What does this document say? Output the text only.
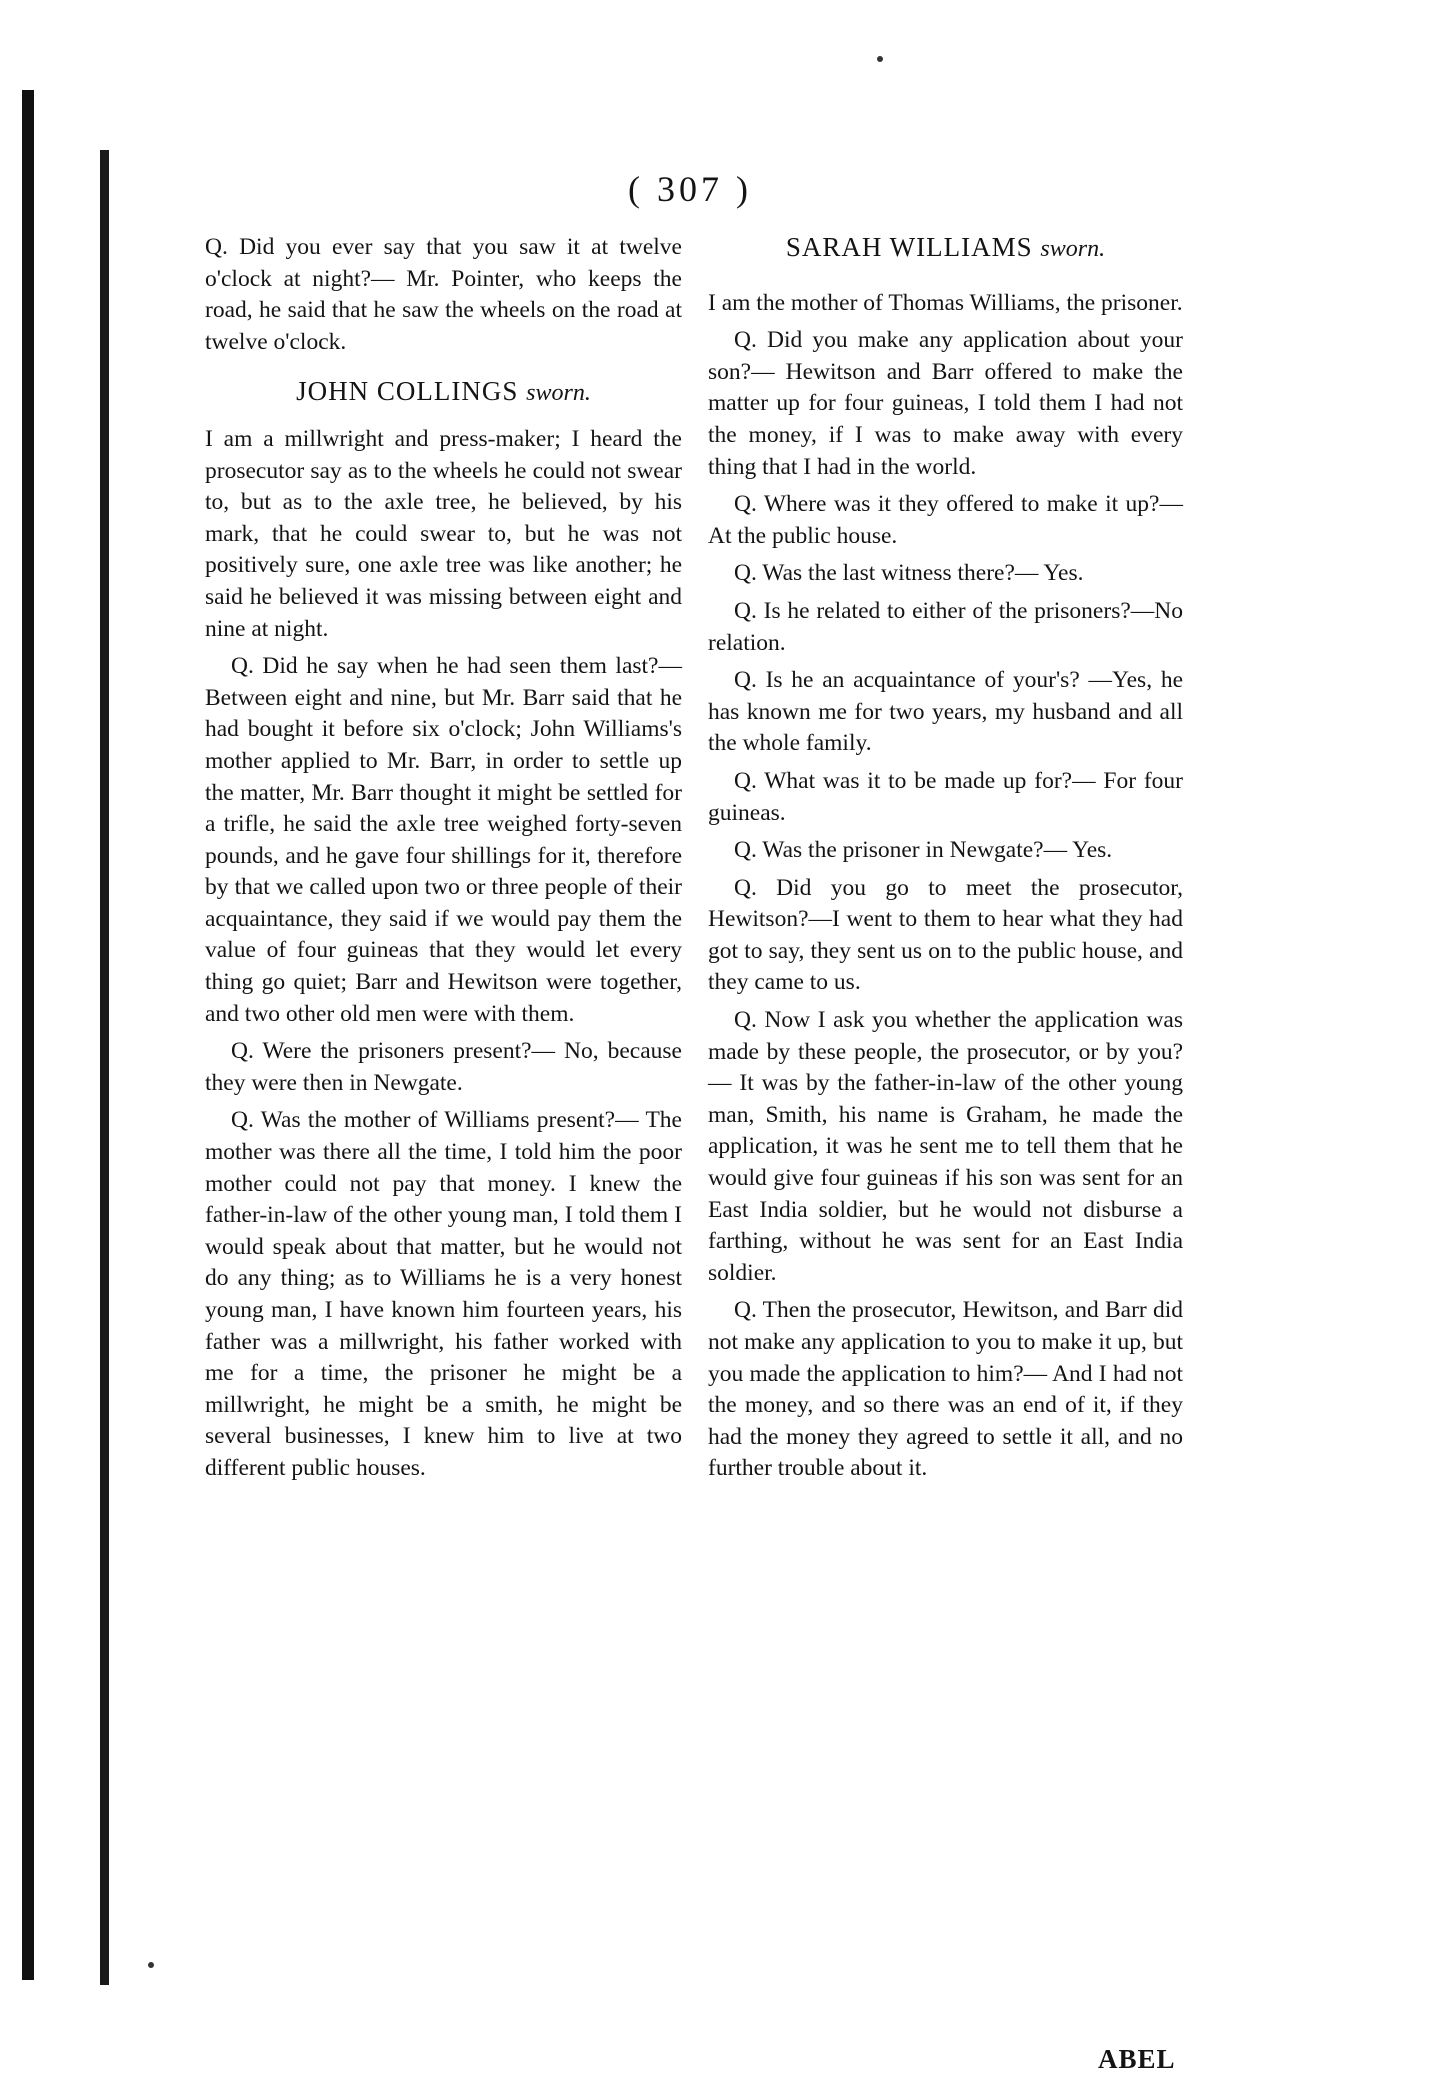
( 307 )

Q. Did you ever say that you saw it at twelve o'clock at night?— Mr. Pointer, who keeps the road, he said that he saw the wheels on the road at twelve o'clock.

JOHN COLLINGS sworn.

I am a millwright and press-maker; I heard the prosecutor say as to the wheels he could not swear to, but as to the axle tree, he believed, by his mark, that he could swear to, but he was not positively sure, one axle tree was like another; he said he believed it was missing between eight and nine at night.

Q. Did he say when he had seen them last?—Between eight and nine, but Mr. Barr said that he had bought it before six o'clock; John Williams's mother applied to Mr. Barr, in order to settle up the matter, Mr. Barr thought it might be settled for a trifle, he said the axle tree weighed forty-seven pounds, and he gave four shillings for it, therefore by that we called upon two or three people of their acquaintance, they said if we would pay them the value of four guineas that they would let every thing go quiet; Barr and Hewitson were together, and two other old men were with them.

Q. Were the prisoners present?— No, because they were then in Newgate.

Q. Was the mother of Williams present?— The mother was there all the time, I told him the poor mother could not pay that money. I knew the father-in-law of the other young man, I told them I would speak about that matter, but he would not do any thing; as to Williams he is a very honest young man, I have known him fourteen years, his father was a millwright, his father worked with me for a time, the prisoner he might be a millwright, he might be a smith, he might be several businesses, I knew him to live at two different public houses.

SARAH WILLIAMS sworn.

I am the mother of Thomas Williams, the prisoner.

Q. Did you make any application about your son?— Hewitson and Barr offered to make the matter up for four guineas, I told them I had not the money, if I was to make away with every thing that I had in the world.

Q. Where was it they offered to make it up?—At the public house.

Q. Was the last witness there?— Yes.

Q. Is he related to either of the prisoners?—No relation.

Q. Is he an acquaintance of your's? —Yes, he has known me for two years, my husband and all the whole family.

Q. What was it to be made up for?— For four guineas.

Q. Was the prisoner in Newgate?— Yes.

Q. Did you go to meet the prosecutor, Hewitson?—I went to them to hear what they had got to say, they sent us on to the public house, and they came to us.

Q. Now I ask you whether the application was made by these people, the prosecutor, or by you?— It was by the father-in-law of the other young man, Smith, his name is Graham, he made the application, it was he sent me to tell them that he would give four guineas if his son was sent for an East India soldier, but he would not disburse a farthing, without he was sent for an East India soldier.

Q. Then the prosecutor, Hewitson, and Barr did not make any application to you to make it up, but you made the application to him?— And I had not the money, and so there was an end of it, if they had the money they agreed to settle it all, and no further trouble about it.

ABEL
